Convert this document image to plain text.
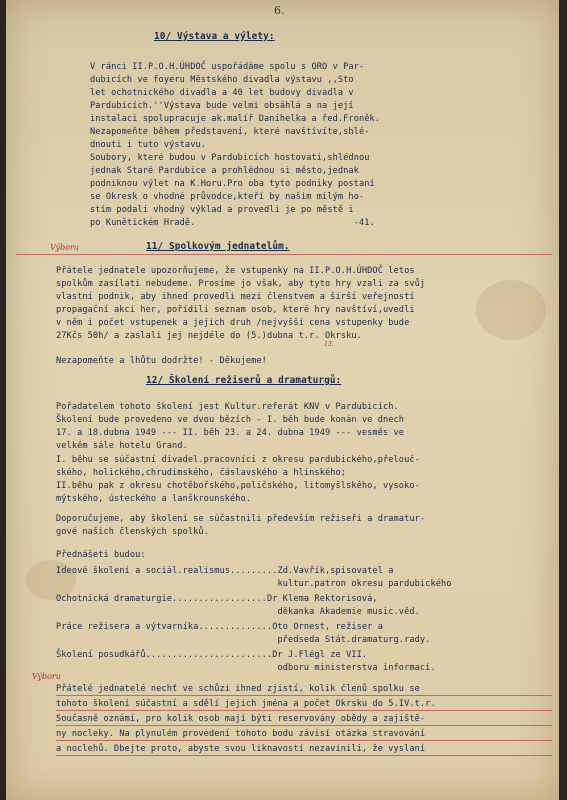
6.
10/ Výstava a výlety:
V ránci II.P.O.H.ÚHDOČ uspořádáme spolu s ORO v Par-
dubicích ve foyeru Městského divadla výstavu ,,Sto
let ochotnického divadla a 40 let budovy divadla v
Pardubicích.''Výstava bude velmi obsáhlá a na její
instalaci spolupracuje ak.malíř Danihelka a řed.Froněk.
Nezapomeňte během představení, které navštívíte,shlé-
dnouti i tuto výstavu.
Soubory, které budou v Pardubicích hostovati,shlédnou
jednak Staré Pardubice a prohlédnou si město,jednak
podniknou výlet na K.Horu.Pro oba tyto podniky postaní
se Okresk o vhodné průvodce,kteří by našim milým ho-
stím podali vhodný výklad a provedli je po městě i
po Kunětickém Hradě.                              -41.
Výboru	11/ Spolkovým jednatelům.
Přátele jednatele upozorňujeme, že vstupenky na II.P.O.H.ÚHDOČ letos
spolkům zasílati nebudeme. Prosíme jo však, aby tyto hry vzali za svůj
vlastní podnik, aby ihned provedli mezi členstvem a širší veřejností
propagační akci her, pořídili seznam osob, které hry navštíví,uvedli
v něm i počet vstupenek a jejich druh /nejvyšší cena vstupenky bude
27Kčs 50h/ a zaslali jej nejdéle do (5.)dubna t.r. Okrsku.
13.
Nezapomeňte a lhůtu dodržte! - Děkujeme!
12/ Školení režiserů a dramaturgů:
Pořadatelem tohoto školení jest Kultur.referát KNV v Pardubicích.
Školení bude provedeno ve dvou bězích - I. běh bude konán ve dnech
17. a 18.dubna 1949 --- II. běh 23. a 24. dubna 1949 --- vesměs ve
velkém sále hotelu Grand.
I. běhu se súčastní divadel.pracovníci z okresu pardubického,přelouč-
ského, holického,chrudimského, čáslavského a hlinského;
II.běhu pak z okresu chotěbořského,poličského, litomyšlského, vysoko-
mýtského, ústeckého a lanškrounského.
Doporučujeme, aby školení se súčastnili především režiseři a dramatur-
gové našich členských spolků.
Přednášeti budou:
Ideové školení a sociál.realismus.........Zd.Vavřík,spisovatel a
kultur.patron okresu pardubického
Ochotnická dramaturgie..................Dr Klema Rektorisová,
děkanka Akademie music.věd.
Práce režisera a výtvarníka..............Oto Ornest, režiser a
předseda Stát.dramaturg.rady.
Školení posudkářů........................Dr J.Flégl ze VII.
odboru ministerstva informací.
Výboru
Přátelé jednatelé nechť ve schůzi ihned zjistí, kolik členů spolku se
tohoto školení súčastní a sdělí jejich jména a počet Okrsku do 5.IV.t.r.
Současně oznámí, pro kolik osob mají býti reservovány obědy a zajiště-
ny nocleky. Na plynulém provedení tohoto bodu závisí otázka stravování
a noclehů. Dbejte proto, abyste svou liknavostí nezavinili, že vyslaní
